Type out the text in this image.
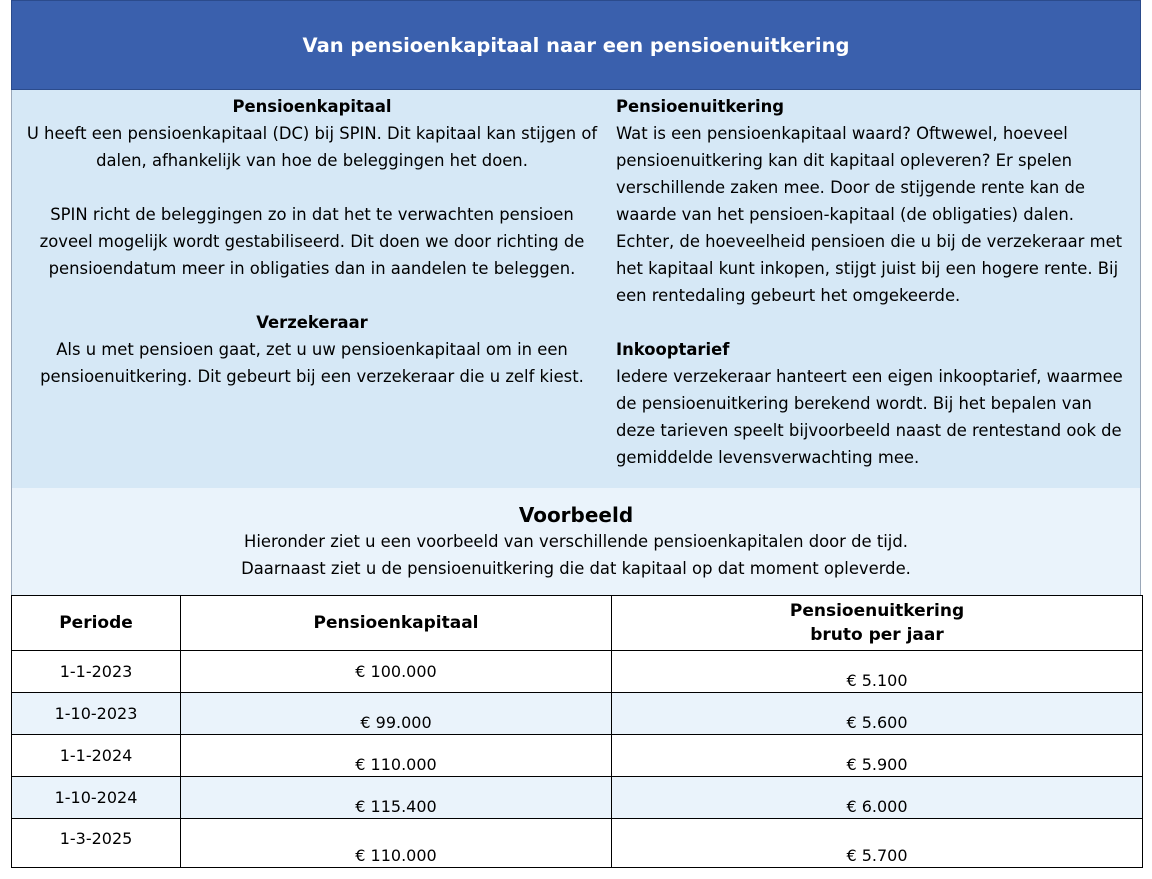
Van pensioenkapitaal naar een pensioenuitkering
Pensioenkapitaal
U heeft een pensioenkapitaal (DC) bij SPIN. Dit kapitaal kan stijgen of
dalen, afhankelijk van hoe de beleggingen het doen.
SPIN richt de beleggingen zo in dat het te verwachten pensioen
zoveel mogelijk wordt gestabiliseerd. Dit doen we door richting de
pensioendatum meer in obligaties dan in aandelen te beleggen.
Verzekeraar
Als u met pensioen gaat, zet u uw pensioenkapitaal om in een
pensioenuitkering. Dit gebeurt bij een verzekeraar die u zelf kiest.
Pensioenuitkering
Wat is een pensioenkapitaal waard? Oftwewel, hoeveel
pensioenuitkering kan dit kapitaal opleveren? Er spelen
verschillende zaken mee. Door de stijgende rente kan de
waarde van het pensioen-kapitaal (de obligaties) dalen.
Echter, de hoeveelheid pensioen die u bij de verzekeraar met
het kapitaal kunt inkopen, stijgt juist bij een hogere rente. Bij
een rentedaling gebeurt het omgekeerde.
Inkooptarief
Iedere verzekeraar hanteert een eigen inkooptarief, waarmee
de pensioenuitkering berekend wordt. Bij het bepalen van
deze tarieven speelt bijvoorbeeld naast de rentestand ook de
gemiddelde levensverwachting mee.
Voorbeeld
Hieronder ziet u een voorbeeld van verschillende pensioenkapitalen door de tijd.
Daarnaast ziet u de pensioenuitkering die dat kapitaal op dat moment opleverde.
Periode	Pensioenkapitaal	Pensioenuitkering
bruto per jaar
1-1-2023	€ 100.000	€ 5.100
1-10-2023	€ 99.000	€ 5.600
1-1-2024	€ 110.000	€ 5.900
1-10-2024	€ 115.400	€ 6.000
1-3-2025	€ 110.000	€ 5.700
